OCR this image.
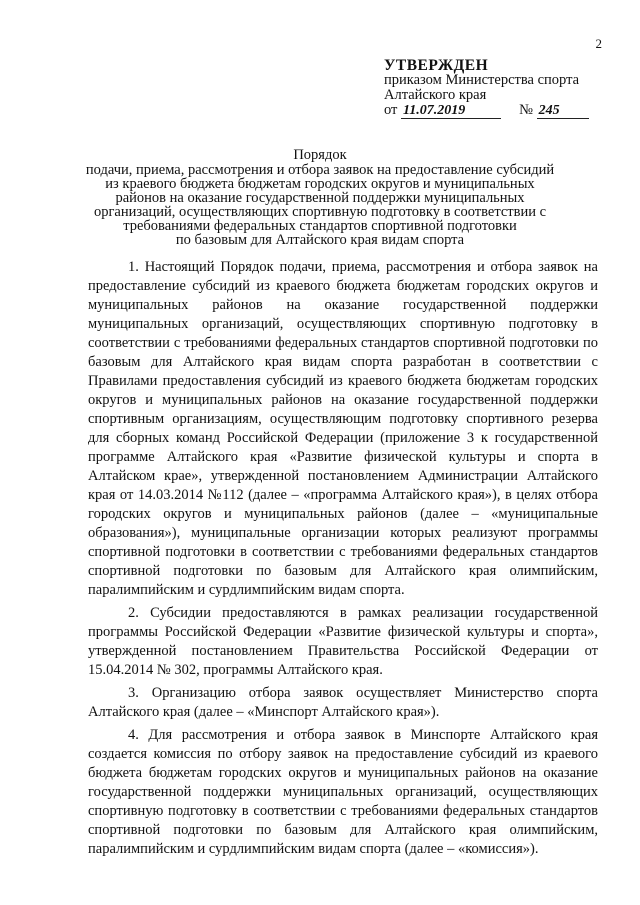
2
УТВЕРЖДЕН
приказом Министерства спорта
Алтайского края
от 11.07.2019	№ 245
Порядок
подачи, приема, рассмотрения и отбора заявок на предоставление субсидий
из краевого бюджета бюджетам городских округов и муниципальных
районов на оказание государственной поддержки муниципальных
организаций, осуществляющих спортивную подготовку в соответствии с
требованиями федеральных стандартов спортивной подготовки
по базовым для Алтайского края видам спорта

1. Настоящий Порядок подачи, приема, рассмотрения и отбора заявок на предоставление субсидий из краевого бюджета бюджетам городских округов и муниципальных районов на оказание государственной поддержки муниципальных организаций, осуществляющих спортивную подготовку в соответствии с требованиями федеральных стандартов спортивной подготовки по базовым для Алтайского края видам спорта разработан в соответствии с Правилами предоставления субсидий из краевого бюджета бюджетам городских округов и муниципальных районов на оказание государственной поддержки спортивным организациям, осуществляющим подготовку спортивного резерва для сборных команд Российской Федерации (приложение 3 к государственной программе Алтайского края «Развитие физической культуры и спорта в Алтайском крае», утвержденной постановлением Администрации Алтайского края от 14.03.2014 №112 (далее – «программа Алтайского края»), в целях отбора городских округов и муниципальных районов (далее – «муниципальные образования»), муниципальные организации которых реализуют программы спортивной подготовки в соответствии с требованиями федеральных стандартов спортивной подготовки по базовым для Алтайского края олимпийским, паралимпийским и сурдлимпийским видам спорта.

2. Субсидии предоставляются в рамках реализации государственной программы Российской Федерации «Развитие физической культуры и спорта», утвержденной постановлением Правительства Российской Федерации от 15.04.2014 № 302, программы Алтайского края.

3. Организацию отбора заявок осуществляет Министерство спорта Алтайского края (далее – «Минспорт Алтайского края»).

4. Для рассмотрения и отбора заявок в Минспорте Алтайского края создается комиссия по отбору заявок на предоставление субсидий из краевого бюджета бюджетам городских округов и муниципальных районов на оказание государственной поддержки муниципальных организаций, осуществляющих спортивную подготовку в соответствии с требованиями федеральных стандартов спортивной подготовки по базовым для Алтайского края олимпийским, паралимпийским и сурдлимпийским видам спорта (далее – «комиссия»).
